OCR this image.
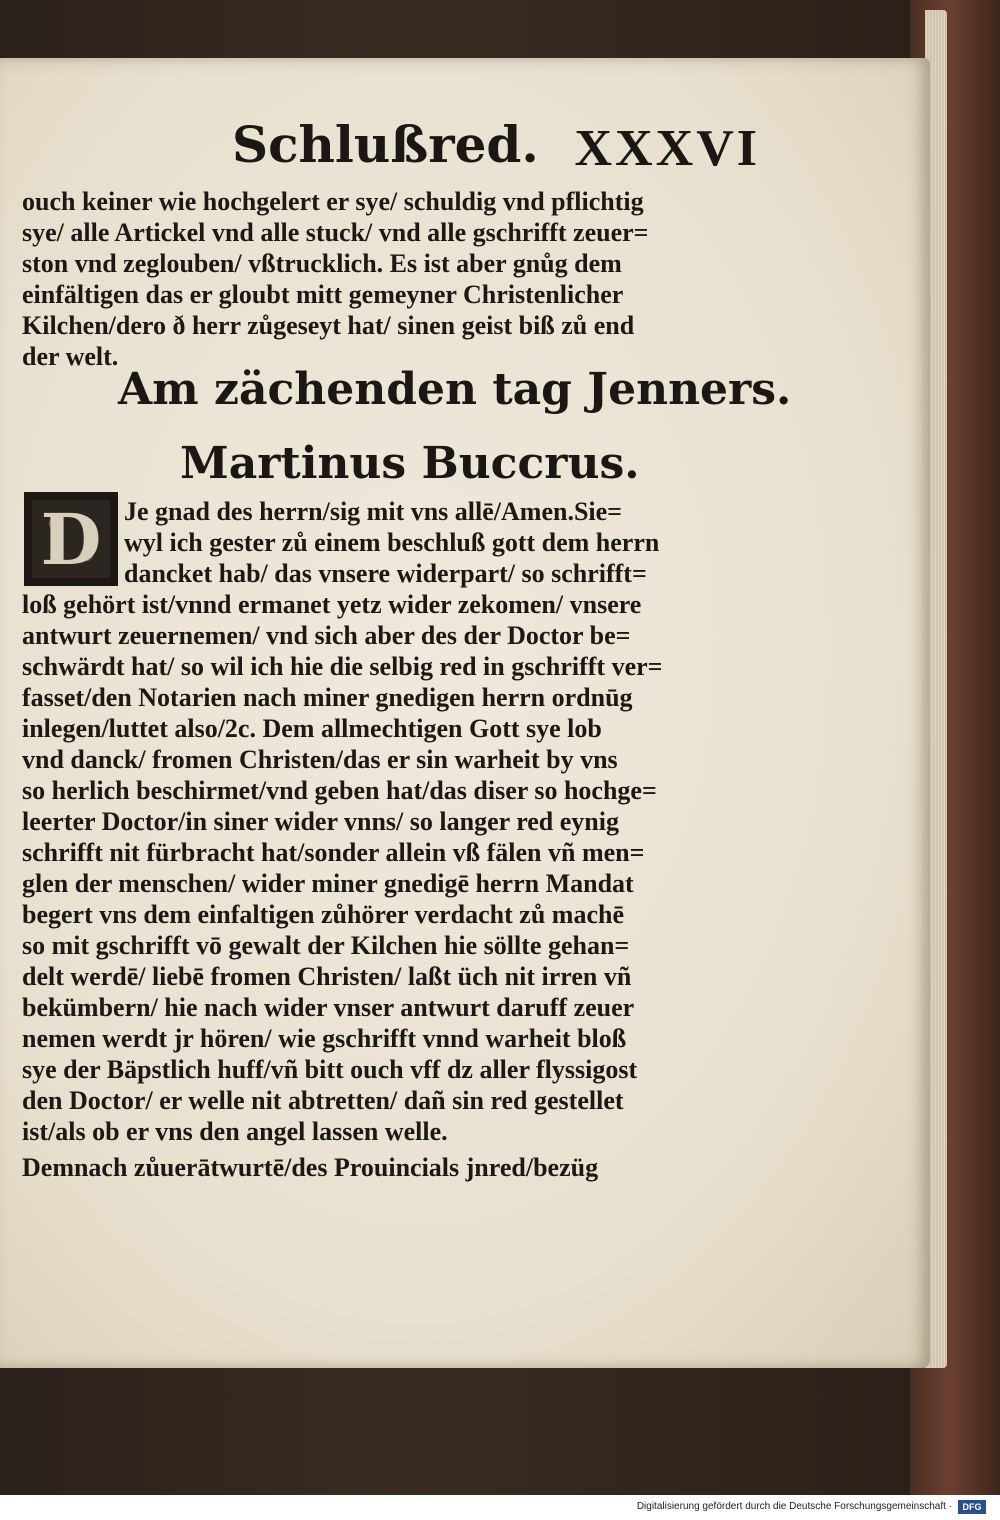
Schlußred. XXXVI
ouch keiner wie hochgelert er sye/ schuldig vnd pflichtig
sye/ alle Artickel vnd alle stuck/ vnd alle gschrifft zeuer=
ston vnd zeglouben/ vßtrucklich. Es ist aber gnůg dem
einfältigen das er gloubt mitt gemeyner Christenlicher
Kilchen/dero ð herr zůgeseyt hat/ sinen geist biß zů end
der welt.
Am zächenden tag Jenners.
Martinus Buccrus.
D Je gnad des herrn/sig mit vns allē/Amen.Sie=
wyl ich gester zů einem beschluß gott dem herrn
dancket hab/ das vnsere widerpart/ so schrifft=
loß gehört ist/vnnd ermanet yetz wider zekomen/ vnsere
antwurt zeuernemen/ vnd sich aber des der Doctor be=
schwärdt hat/ so wil ich hie die selbig red in gschrifft ver=
fasset/den Notarien nach miner gnedigen herrn ordnūg
inlegen/luttet also/2c. Dem allmechtigen Gott sye lob
vnd danck/ fromen Christen/das er sin warheit by vns
so herlich beschirmet/vnd geben hat/das diser so hochge=
leerter Doctor/in siner wider vnns/ so langer red eynig
schrifft nit fürbracht hat/sonder allein vß fälen vñ men=
glen der menschen/ wider miner gnedigē herrn Mandat
begert vns dem einfaltigen zůhörer verdacht zů machē
so mit gschrifft vō gewalt der Kilchen hie söllte gehan=
delt werdē/ liebē fromen Christen/ laßt üch nit irren vñ
bekümbern/ hie nach wider vnser antwurt daruff zeuer
nemen werdt jr hören/ wie gschrifft vnnd warheit bloß
sye der Bäpstlich huff/vñ bitt ouch vff dz aller flyssigost
den Doctor/ er welle nit abtretten/ dañ sin red gestellet
ist/als ob er vns den angel lassen welle.
Demnach zůuerātwurtē/des Prouincials jnred/bezüg
Digitalisierung gefördert durch die Deutsche Forschungsgemeinschaft ·	DFG
